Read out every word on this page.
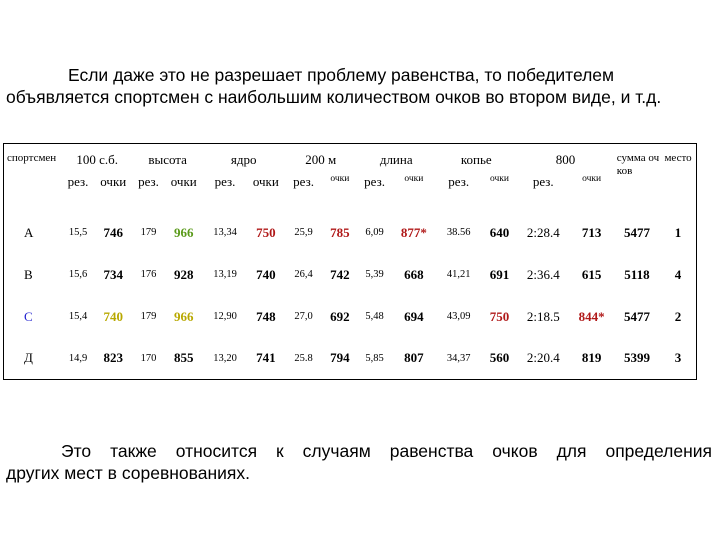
Если даже это не разрешает проблему равенства, то победителем
объявляется спортсмен с наибольшим количеством очков во втором виде, и т.д.
спортсмен	100 с.б.		высота		ядро		200 м		длина		копье		800		сумма очков	место
	рез.	очки	рез.	очки	рез.	очки	рез.	очки	рез.	очки	рез.	очки	рез.	очки		
А	15,5	746	179	966	13,34	750	25,9	785	6,09	877*	38.56	640	2:28.4	713	5477	1
В	15,6	734	176	928	13,19	740	26,4	742	5,39	668	41,21	691	2:36.4	615	5118	4
С	15,4	740	179	966	12,90	748	27,0	692	5,48	694	43,09	750	2:18.5	844*	5477	2
Д	14,9	823	170	855	13,20	741	25.8	794	5,85	807	34,37	560	2:20.4	819	5399	3
Это также относится к случаям равенства очков для определения
других мест в соревнованиях.
